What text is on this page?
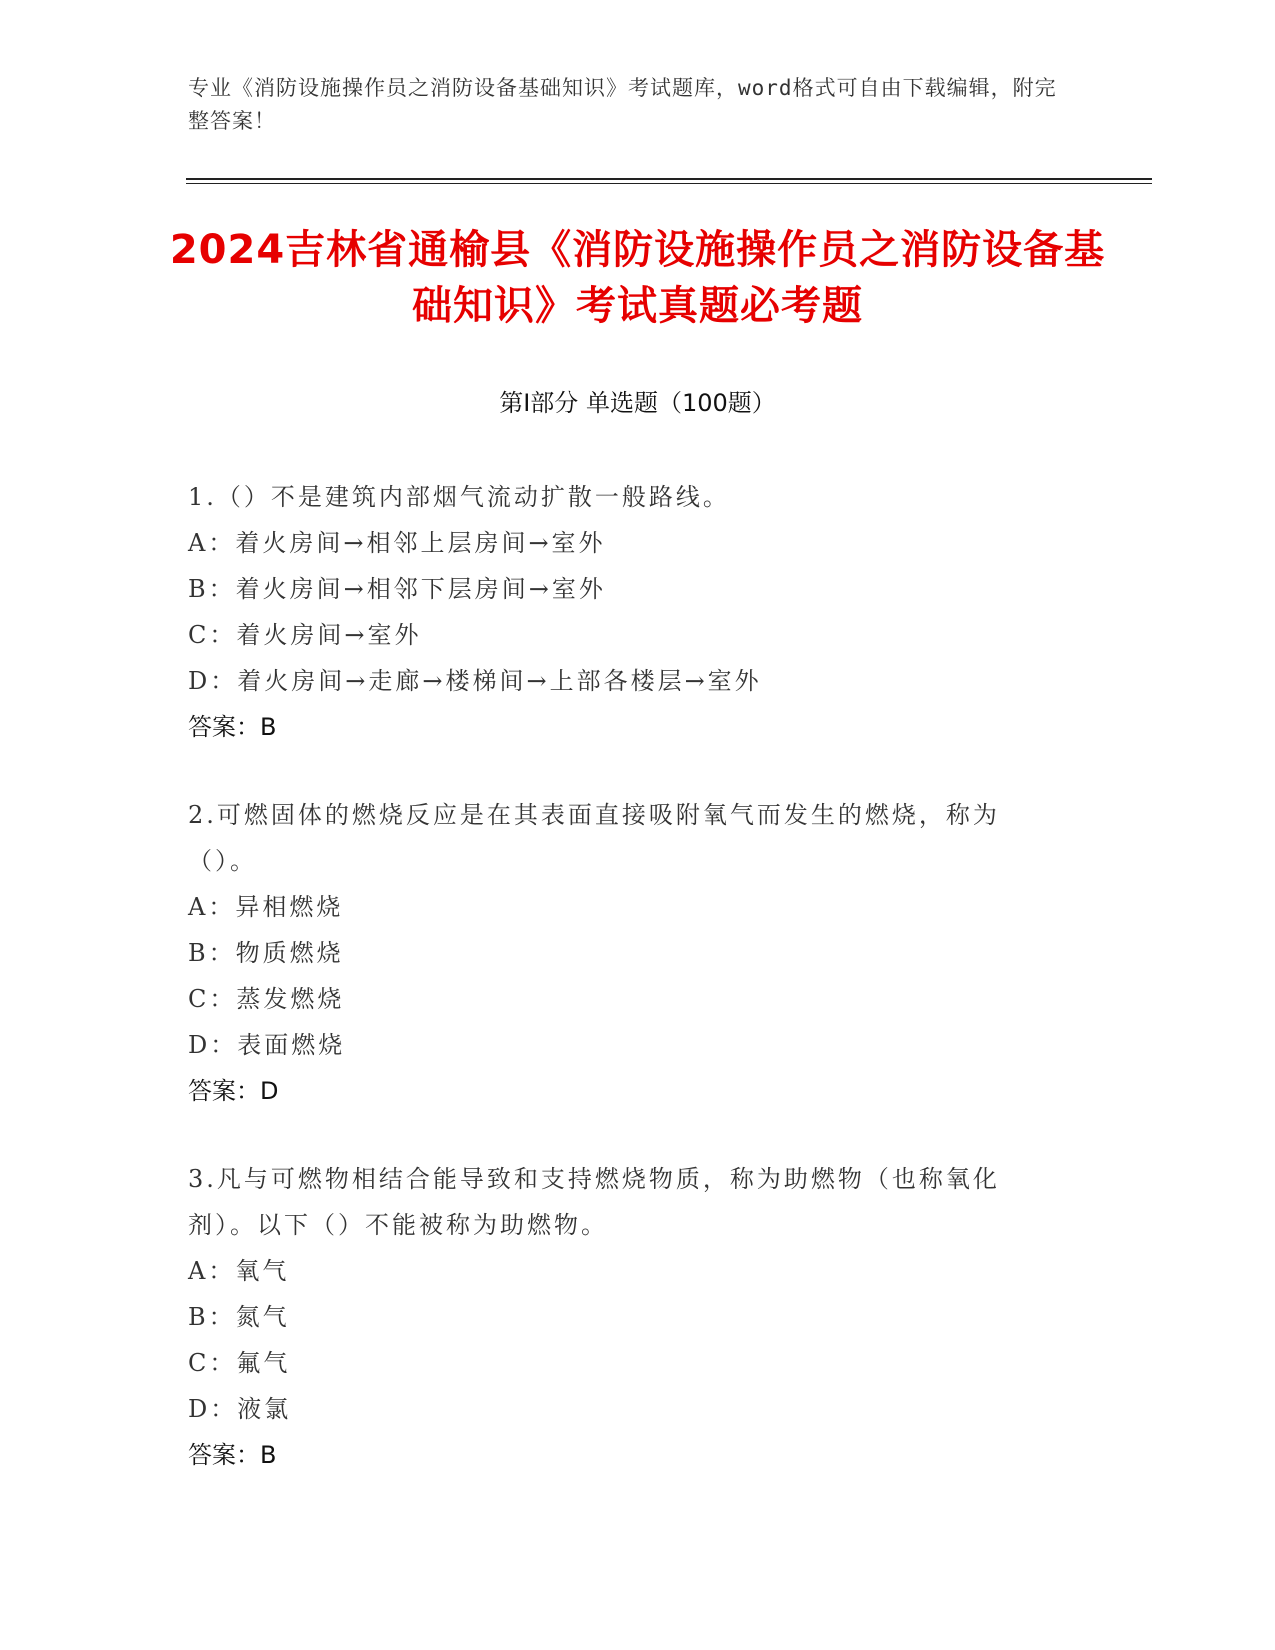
专业《消防设施操作员之消防设备基础知识》考试题库，word格式可自由下载编辑，附完整答案！
2024吉林省通榆县《消防设施操作员之消防设备基础知识》考试真题必考题
第Ⅰ部分 单选题（100题）
1.（）不是建筑内部烟气流动扩散一般路线。
A：着火房间→相邻上层房间→室外
B：着火房间→相邻下层房间→室外
C：着火房间→室外
D：着火房间→走廊→楼梯间→上部各楼层→室外
答案：B
2.可燃固体的燃烧反应是在其表面直接吸附氧气而发生的燃烧，称为（）。
A：异相燃烧
B：物质燃烧
C：蒸发燃烧
D：表面燃烧
答案：D
3.凡与可燃物相结合能导致和支持燃烧物质，称为助燃物（也称氧化剂）。以下（）不能被称为助燃物。
A：氧气
B：氮气
C：氟气
D：液氯
答案：B
